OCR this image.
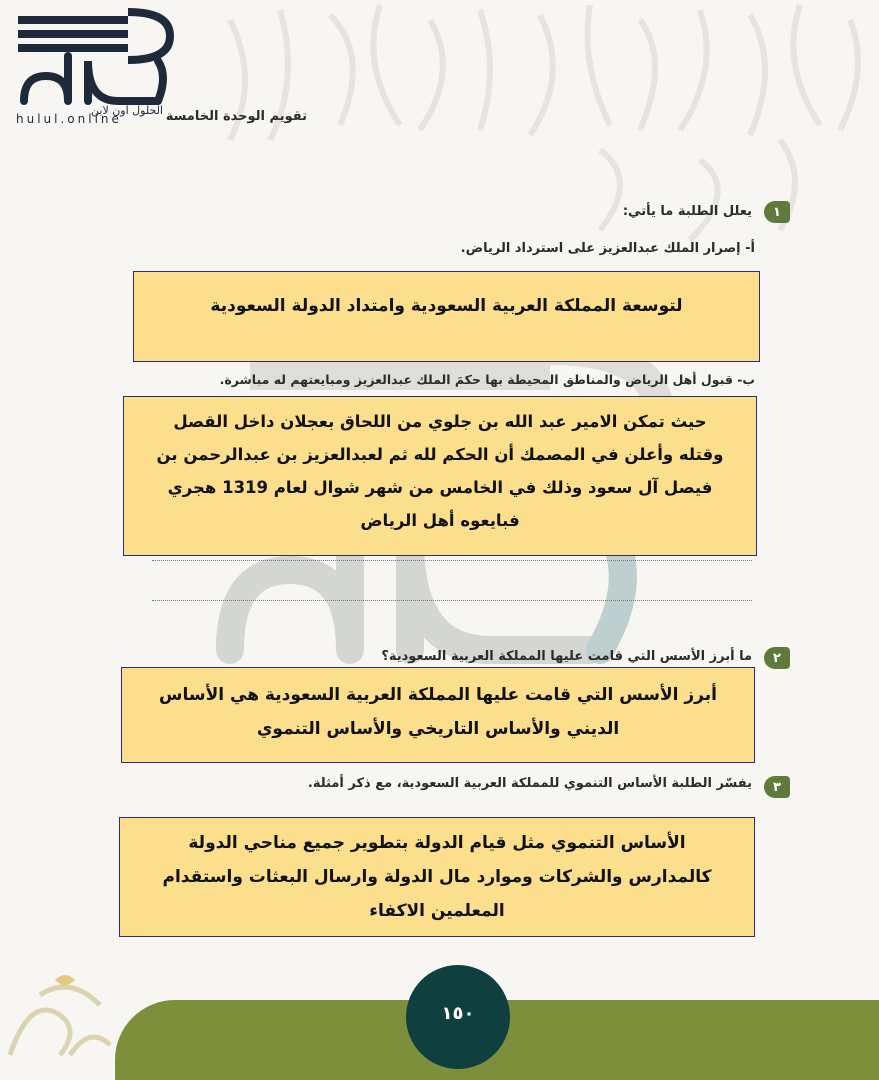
الحلول أون لاين
hulul.online	تقويم الوحدة الخامسة
١
يعلل الطلبة ما يأتي:
أ- إصرار الملك عبدالعزيز على استرداد الرياض.
لتوسعة المملكة العربية السعودية وامتداد الدولة السعودية
ب- قبول أهل الرياض والمناطق المحيطة بها حكمَ الملك عبدالعزيز ومبايعتهم له مباشرة.
حيث تمكن الامير عبد الله بن جلوي من اللحاق بعجلان داخل القصل
وقتله وأعلن في المصمك أن الحكم لله ثم لعبدالعزيز بن عبدالرحمن بن
فيصل آل سعود وذلك في الخامس من شهر شوال لعام 1319 هجري
فبايعوه أهل الرياض
٢
ما أبرز الأسس التي قامت عليها المملكة العربية السعودية؟
أبرز الأسس التي قامت عليها المملكة العربية السعودية هي الأساس
الديني والأساس التاريخي والأساس التنموي
٣
يفسّر الطلبة الأساس التنموي للمملكة العربية السعودية، مع ذكر أمثلة.
الأساس التنموي مثل قيام الدولة بتطوير جميع مناحي الدولة
كالمدارس والشركات وموارد مال الدولة وارسال البعثات واستقدام
المعلمين الاكفاء
١٥٠
